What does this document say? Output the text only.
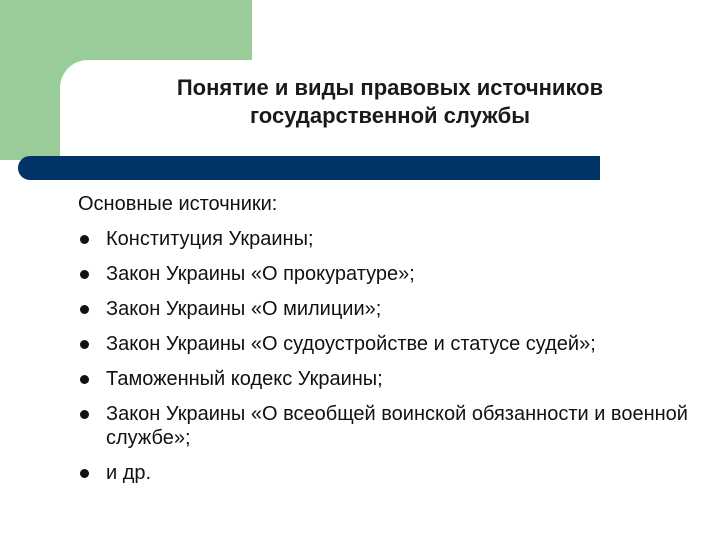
Понятие и виды правовых источников
государственной службы
Основные источники:
Конституция Украины;
Закон Украины «О прокуратуре»;
Закон Украины «О милиции»;
Закон Украины «О судоустройстве и статусе судей»;
Таможенный кодекс Украины;
Закон Украины «О всеобщей воинской обязанности и военной службе»;
и др.
